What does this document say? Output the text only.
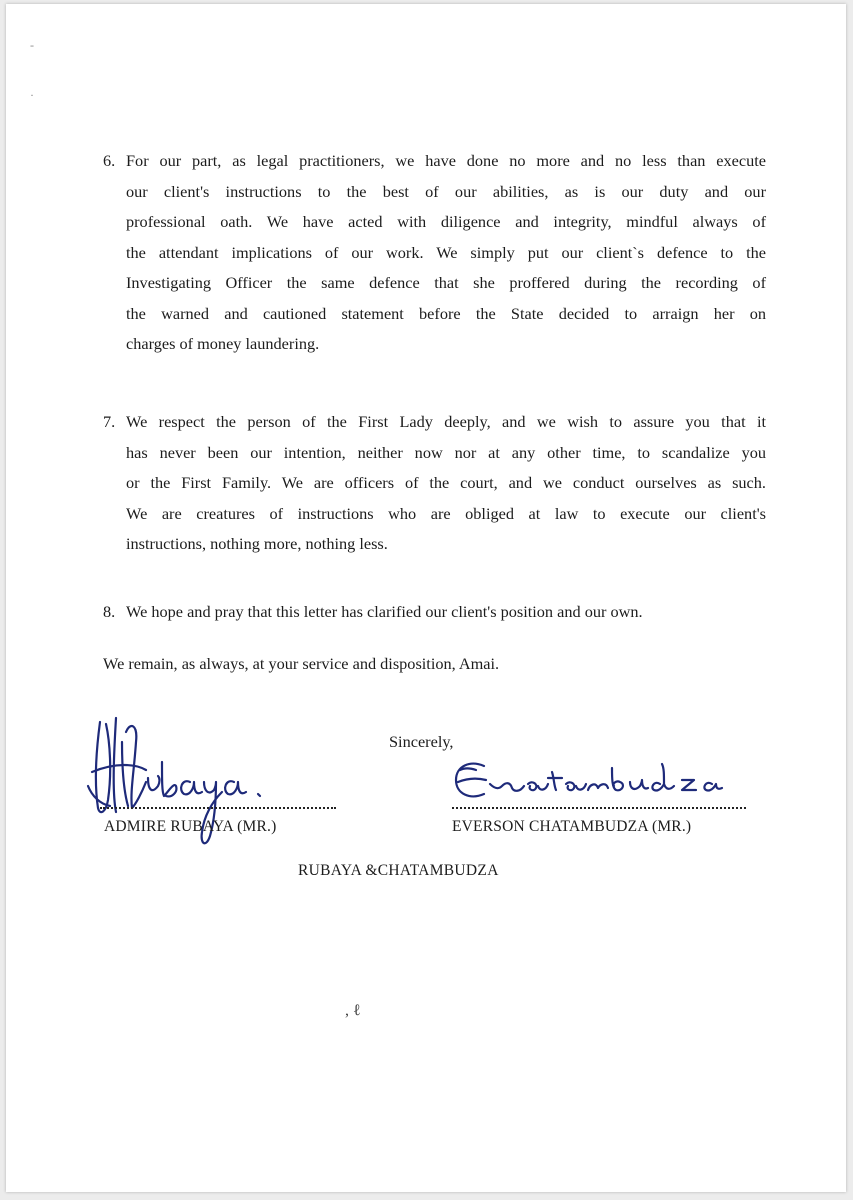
6. For our part, as legal practitioners, we have done no more and no less than execute
our client's instructions to the best of our abilities, as is our duty and our
professional oath. We have acted with diligence and integrity, mindful always of
the attendant implications of our work. We simply put our client`s defence to the
Investigating Officer the same defence that she proffered during the recording of
the warned and cautioned statement before the State decided to arraign her on
charges of money laundering.
7. We respect the person of the First Lady deeply, and we wish to assure you that it
has never been our intention, neither now nor at any other time, to scandalize you
or the First Family. We are officers of the court, and we conduct ourselves as such.
We are creatures of instructions who are obliged at law to execute our client's
instructions, nothing more, nothing less.
8. We hope and pray that this letter has clarified our client's position and our own.
We remain, as always, at your service and disposition, Amai.
Sincerely,
ADMIRE RUBAYA (MR.)	EVERSON CHATAMBUDZA (MR.)
RUBAYA &CHATAMBUDZA
-
·
, ℓ
